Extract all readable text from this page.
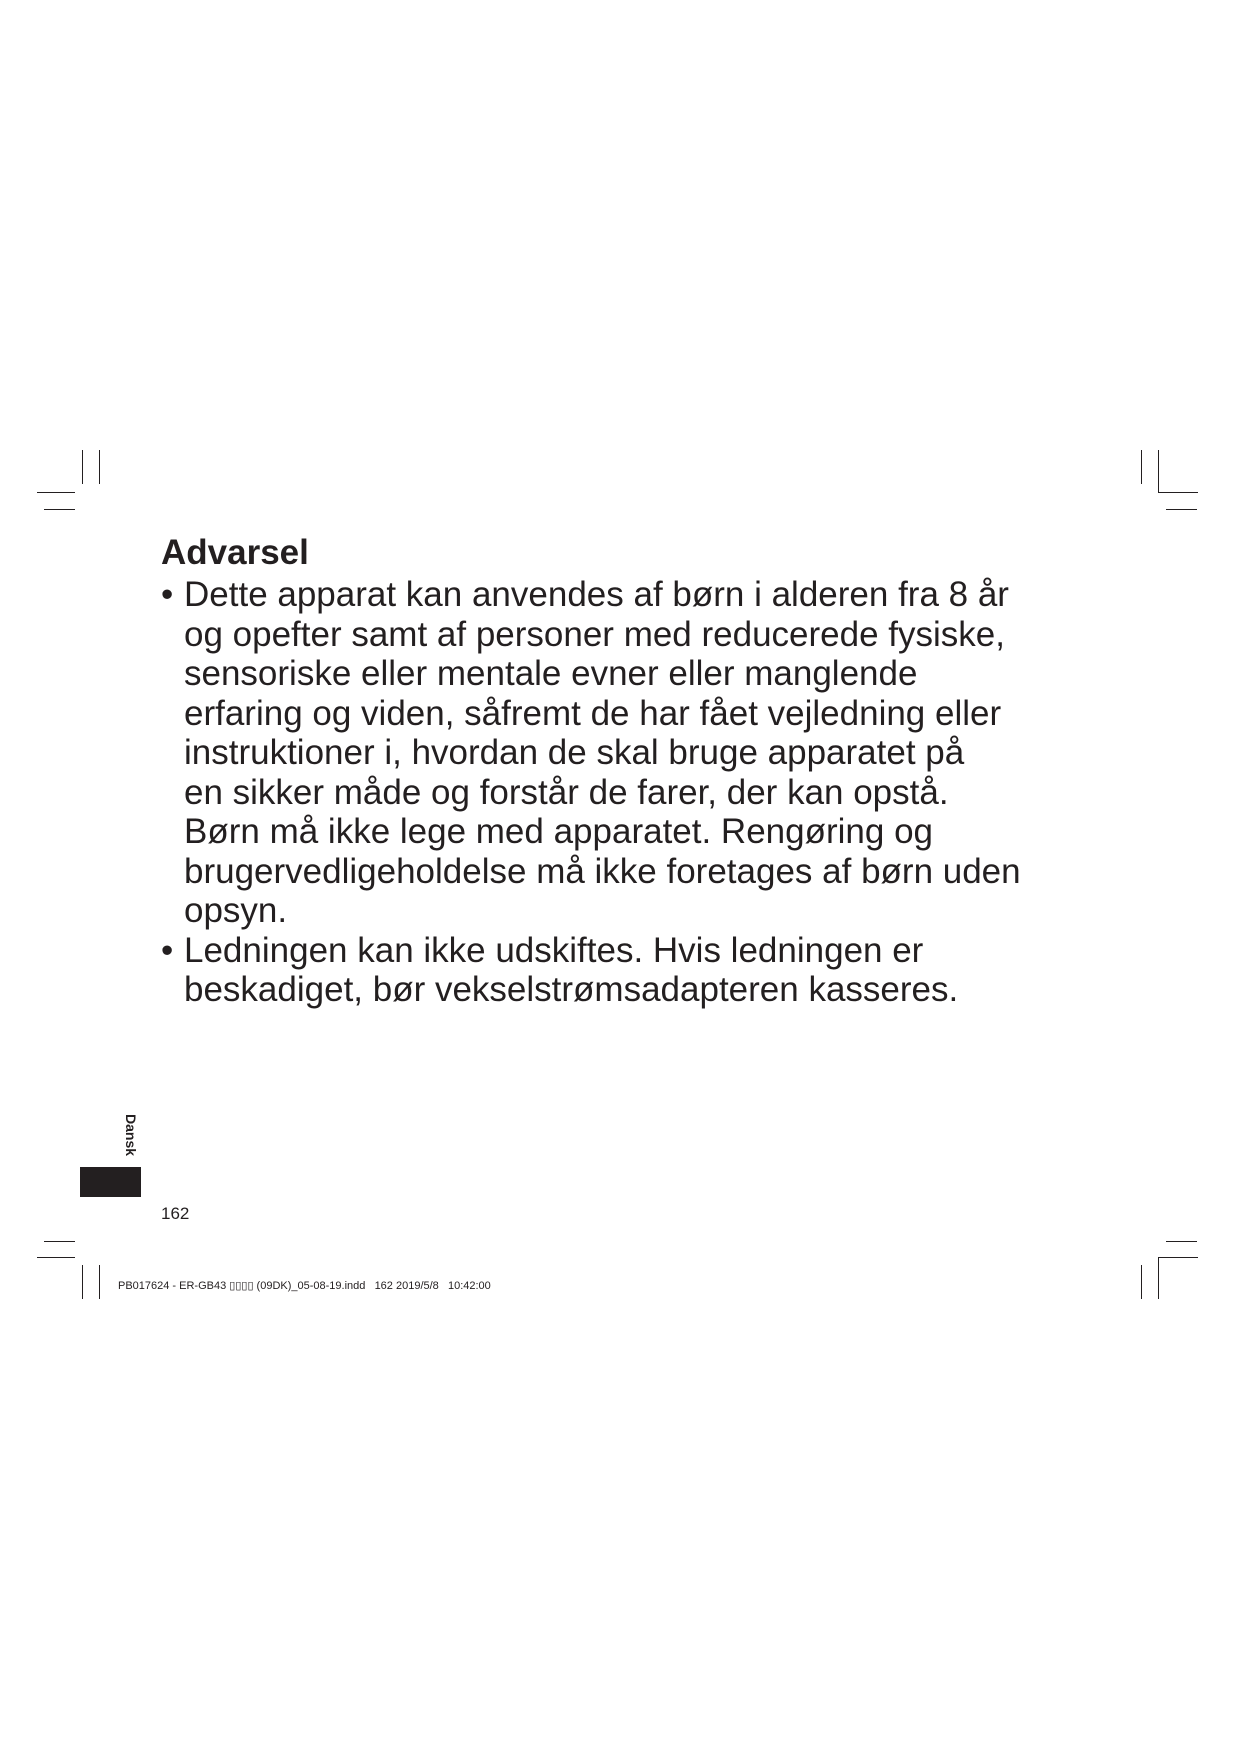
Advarsel
• Dette apparat kan anvendes af børn i alderen fra 8 år
og opefter samt af personer med reducerede fysiske,
sensoriske eller mentale evner eller manglende
erfaring og viden, såfremt de har fået vejledning eller
instruktioner i, hvordan de skal bruge apparatet på
en sikker måde og forstår de farer, der kan opstå.
Børn må ikke lege med apparatet. Rengøring og
brugervedligeholdelse må ikke foretages af børn uden
opsyn.
• Ledningen kan ikke udskiftes. Hvis ledningen er
beskadiget, bør vekselstrømsadapteren kasseres.
Dansk
162
PB017624 - ER-GB43 ▯▯▯▯ (09DK)_05-08-19.indd   162 2019/5/8   10:42:00
